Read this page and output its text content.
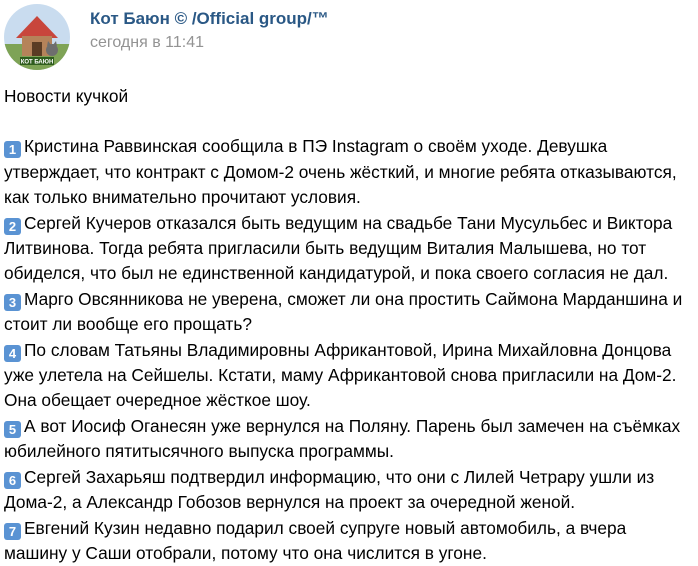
КОТ БАЮН
Кот Баюн © /Official group/™
сегодня в 11:41

Новости кучкой

1 Кристина Раввинская сообщила в ПЭ Instagram о своём уходе. Девушка утверждает, что контракт с Домом-2 очень жёсткий, и многие ребята отказываются, как только внимательно прочитают условия.

2 Сергей Кучеров отказался быть ведущим на свадьбе Тани Мусульбес и Виктора Литвинова. Тогда ребята пригласили быть ведущим Виталия Малышева, но тот обиделся, что был не единственной кандидатурой, и пока своего согласия не дал.

3 Марго Овсянникова не уверена, сможет ли она простить Саймона Марданшина и стоит ли вообще его прощать?

4 По словам Татьяны Владимировны Африкантовой, Ирина Михайловна Донцова уже улетела на Сейшелы. Кстати, маму Африкантовой снова пригласили на Дом-2. Она обещает очередное жёсткое шоу.

5 А вот Иосиф Оганесян уже вернулся на Поляну. Парень был замечен на съёмках юбилейного пятитысячного выпуска программы.

6 Сергей Захарьяш подтвердил информацию, что они с Лилей Четрару ушли из Дома-2, а Александр Гобозов вернулся на проект за очередной женой.

7 Евгений Кузин недавно подарил своей супруге новый автомобиль, а вчера машину у Саши отобрали, потому что она числится в угоне.
